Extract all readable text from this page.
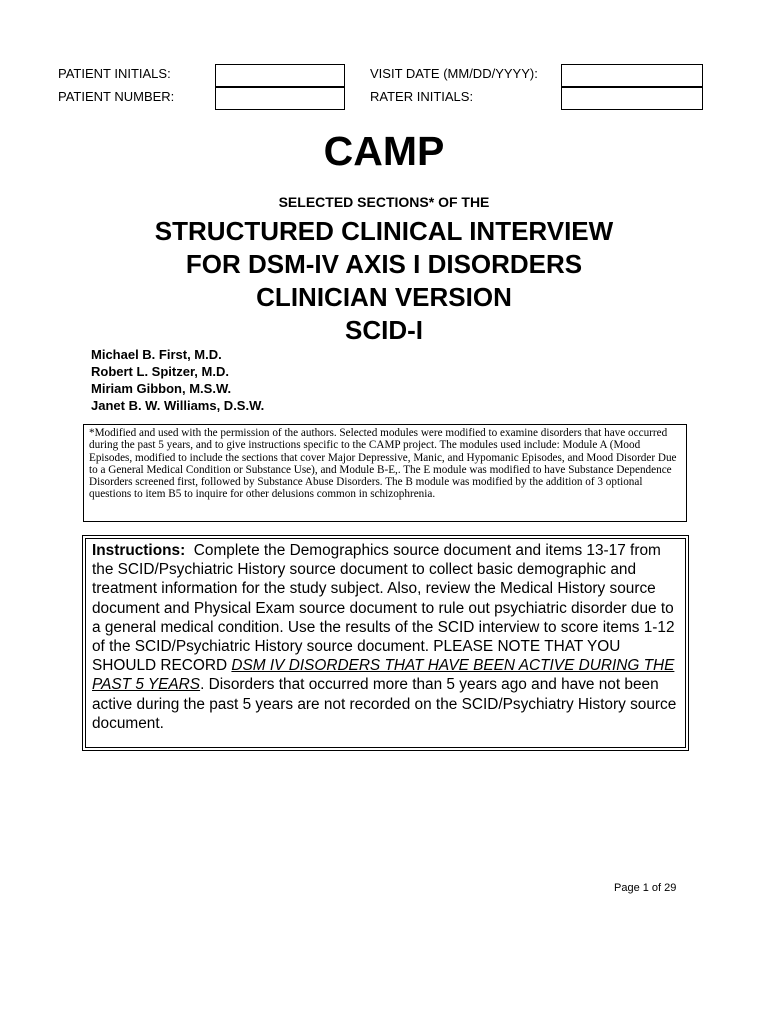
PATIENT INITIALS:
PATIENT NUMBER:
VISIT DATE (MM/DD/YYYY):
RATER INITIALS:
CAMP
SELECTED SECTIONS* OF THE
STRUCTURED CLINICAL INTERVIEW
FOR DSM-IV AXIS I DISORDERS
CLINICIAN VERSION
SCID-I
Michael B. First, M.D.
Robert L. Spitzer, M.D.
Miriam Gibbon, M.S.W.
Janet B. W. Williams, D.S.W.
*Modified and used with the permission of the authors. Selected modules were modified to examine disorders that have occurred during the past 5 years, and to give instructions specific to the CAMP project. The modules used include: Module A (Mood Episodes, modified to include the sections that cover Major Depressive, Manic, and Hypomanic Episodes, and Mood Disorder Due to a General Medical Condition or Substance Use), and Module B-E,. The E module was modified to have Substance Dependence Disorders screened first, followed by Substance Abuse Disorders. The B module was modified by the addition of 3 optional questions to item B5 to inquire for other delusions common in schizophrenia.
Instructions: Complete the Demographics source document and items 13-17 from the SCID/Psychiatric History source document to collect basic demographic and treatment information for the study subject. Also, review the Medical History source document and Physical Exam source document to rule out psychiatric disorder due to a general medical condition. Use the results of the SCID interview to score items 1-12 of the SCID/Psychiatric History source document. PLEASE NOTE THAT YOU SHOULD RECORD DSM IV DISORDERS THAT HAVE BEEN ACTIVE DURING THE PAST 5 YEARS. Disorders that occurred more than 5 years ago and have not been active during the past 5 years are not recorded on the SCID/Psychiatry History source document.
Page 1 of 29
